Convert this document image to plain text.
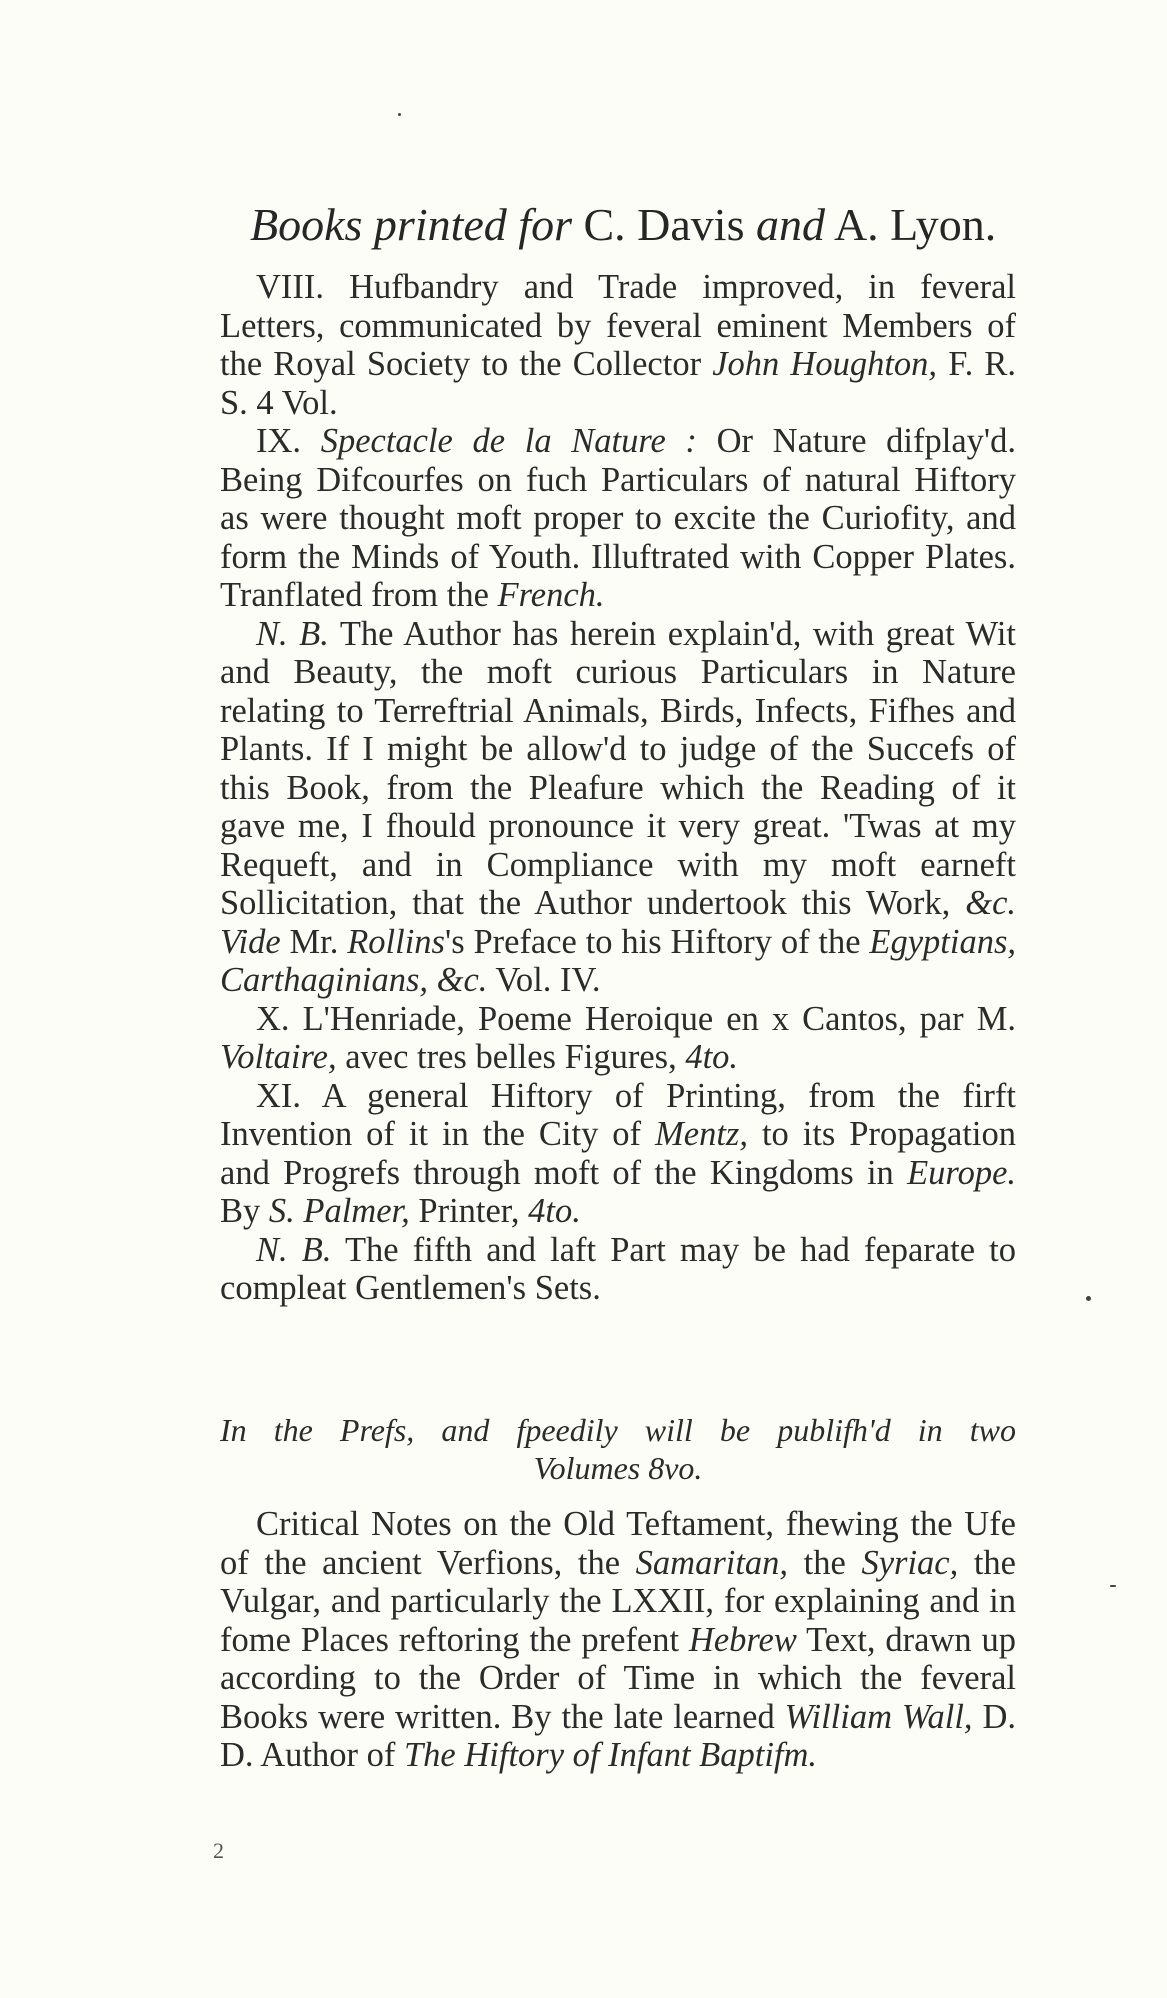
Books printed for C. Davis and A. Lyon.

VIII. Hufbandry and Trade improved, in feveral Letters, communicated by feveral eminent Members of the Royal Society to the Collector John Houghton, F. R. S. 4 Vol.

IX. Spectacle de la Nature : Or Nature difplay'd. Being Difcourfes on fuch Particulars of natural Hiftory as were thought moft proper to excite the Curiofity, and form the Minds of Youth. Illuftrated with Copper Plates. Tranflated from the French.

N. B. The Author has herein explain'd, with great Wit and Beauty, the moft curious Particulars in Nature relating to Terreftrial Animals, Birds, Infects, Fifhes and Plants. If I might be allow'd to judge of the Succefs of this Book, from the Pleafure which the Reading of it gave me, I fhould pronounce it very great. 'Twas at my Requeft, and in Compliance with my moft earneft Sollicitation, that the Author undertook this Work, &c. Vide Mr. Rollins's Preface to his Hiftory of the Egyptians, Carthaginians, &c. Vol. IV.

X. L'Henriade, Poeme Heroique en x Cantos, par M. Voltaire, avec tres belles Figures, 4to.

XI. A general Hiftory of Printing, from the firft Invention of it in the City of Mentz, to its Propagation and Progrefs through moft of the Kingdoms in Europe. By S. Palmer, Printer, 4to.

N. B. The fifth and laft Part may be had feparate to compleat Gentlemen's Sets.

In the Prefs, and fpeedily will be publifh'd in two
Volumes 8vo.

Critical Notes on the Old Teftament, fhewing the Ufe of the ancient Verfions, the Samaritan, the Syriac, the Vulgar, and particularly the LXXII, for explaining and in fome Places reftoring the prefent Hebrew Text, drawn up according to the Order of Time in which the feveral Books were written. By the late learned William Wall, D. D. Author of The Hiftory of Infant Baptifm.

2
